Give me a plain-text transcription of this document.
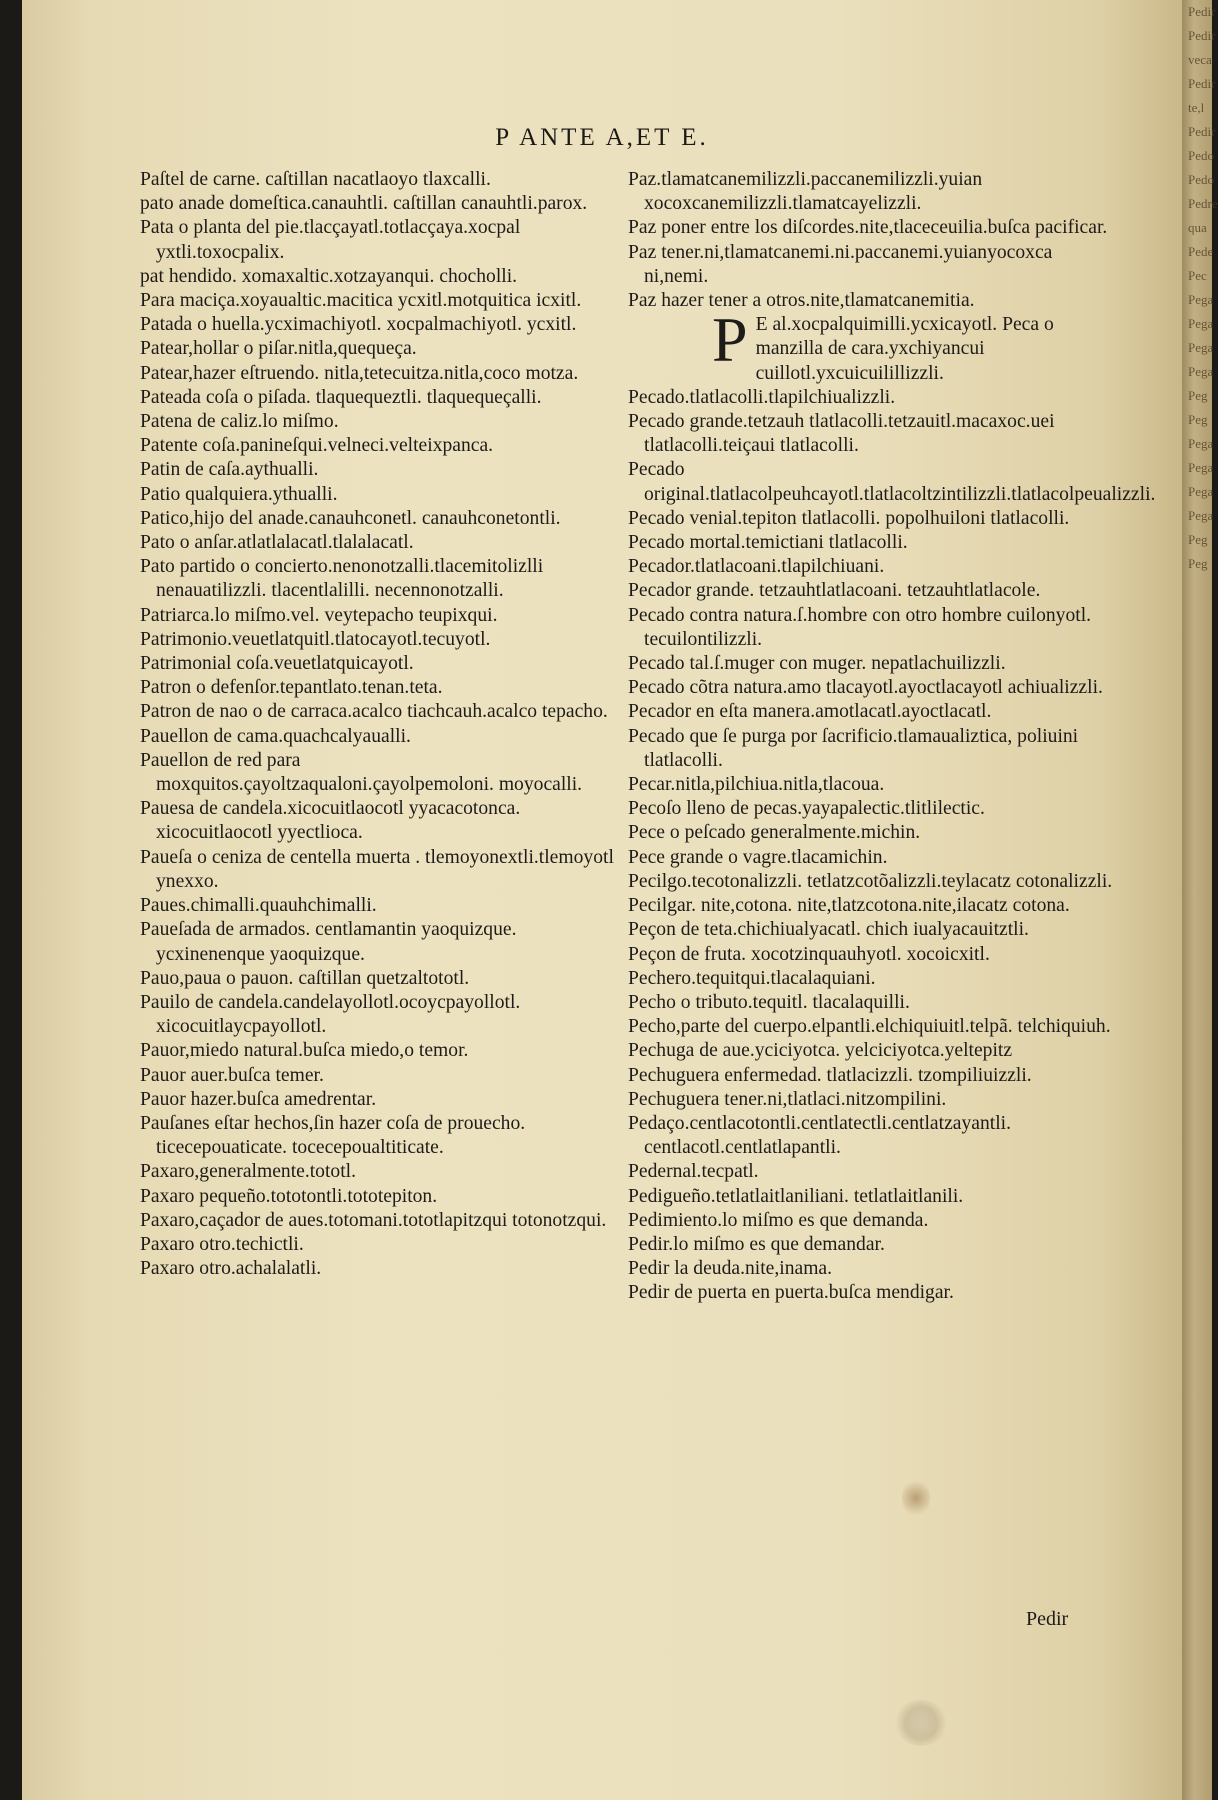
P ANTE A,ET E.

Paſtel de carne. caſtillan nacatlaoyo tlaxcalli.

pato anade domeſtica.canauhtli. caſtillan canauhtli.parox.

Pata o planta del pie.tlacçayatl.totlacçaya.xocpal yxtli.toxocpalix.

pat hendido. xomaxaltic.xotzayanqui. chocholli.

Para maciça.xoyaualtic.macitica ycxitl.motquitica icxitl.

Patada o huella.ycximachiyotl. xocpalmachiyotl. ycxitl.

Patear,hollar o piſar.nitla,quequeça.

Patear,hazer eſtruendo. nitla,tetecuitza.nitla,coco motza.

Pateada coſa o piſada. tlaquequeztli. tlaquequeçalli.

Patena de caliz.lo miſmo.

Patente coſa.panineſqui.velneci.velteixpanca.

Patin de caſa.aythualli.

Patio qualquiera.ythualli.

Patico,hijo del anade.canauhconetl. canauhconetontli.

Pato o anſar.atlatlalacatl.tlalalacatl.

Pato partido o concierto.nenonotzalli.tlacemitolizlli nenauatilizzli. tlacentlalilli. necennonotzalli.

Patriarca.lo miſmo.vel. veytepacho teupixqui.

Patrimonio.veuetlatquitl.tlatocayotl.tecuyotl.

Patrimonial coſa.veuetlatquicayotl.

Patron o defenſor.tepantlato.tenan.teta.

Patron de nao o de carraca.acalco tiachcauh.acalco tepacho.

Pauellon de cama.quachcalyaualli.

Pauellon de red para moxquitos.çayoltzaqualoni.çayolpemoloni. moyocalli.

Pauesa de candela.xicocuitlaocotl yyacacotonca. xicocuitlaocotl yyectlioca.

Paueſa o ceniza de centella muerta . tlemoyonextli.tlemoyotl ynexxo.

Paues.chimalli.quauhchimalli.

Paueſada de armados. centlamantin yaoquizque. ycxinenenque yaoquizque.

Pauo,paua o pauon. caſtillan quetzaltototl.

Pauilo de candela.candelayollotl.ocoycpayollotl. xicocuitlaycpayollotl.

Pauor,miedo natural.buſca miedo,o temor.

Pauor auer.buſca temer.

Pauor hazer.buſca amedrentar.

Pauſanes eſtar hechos,ſin hazer coſa de prouecho. ticecepouaticate. tocecepoualtiticate.

Paxaro,generalmente.tototl.

Paxaro pequeño.tototontli.tototepiton.

Paxaro,caçador de aues.totomani.tototlapitzqui totonotzqui.

Paxaro otro.techictli.

Paxaro otro.achalalatli.

Paz.tlamatcanemilizzli.paccanemilizzli.yuian xocoxcanemilizzli.tlamatcayelizzli.

Paz poner entre los diſcordes.nite,tlaceceuilia.buſca pacificar.

Paz tener.ni,tlamatcanemi.ni.paccanemi.yuianyocoxca ni,nemi.

Paz hazer tener a otros.nite,tlamatcanemitia.

P E al.xocpalquimilli.ycxicayotl. Peca o manzilla de cara.yxchiyancui cuillotl.yxcuicuilillizzli.

Pecado.tlatlacolli.tlapilchiualizzli.

Pecado grande.tetzauh tlatlacolli.tetzauitl.macaxoc.uei tlatlacolli.teiçaui tlatlacolli.

Pecado original.tlatlacolpeuhcayotl.tlatlacoltzintilizzli.tlatlacolpeualizzli.

Pecado venial.tepiton tlatlacolli. popolhuiloni tlatlacolli.

Pecado mortal.temictiani tlatlacolli.

Pecador.tlatlacoani.tlapilchiuani.

Pecador grande. tetzauhtlatlacoani. tetzauhtlatlacole.

Pecado contra natura.ſ.hombre con otro hombre cuilonyotl. tecuilontilizzli.

Pecado tal.ſ.muger con muger. nepatlachuilizzli.

Pecado cõtra natura.amo tlacayotl.ayoctlacayotl achiualizzli.

Pecador en eſta manera.amotlacatl.ayoctlacatl.

Pecado que ſe purga por ſacrificio.tlamaualiztica, poliuini tlatlacolli.

Pecar.nitla,pilchiua.nitla,tlacoua.

Pecoſo lleno de pecas.yayapalectic.tlitlilectic.

Pece o peſcado generalmente.michin.

Pece grande o vagre.tlacamichin.

Pecilgo.tecotonalizzli. tetlatzcotõalizzli.teylacatz cotonalizzli.

Pecilgar. nite,cotona. nite,tlatzcotona.nite,ilacatz cotona.

Peçon de teta.chichiualyacatl. chich iualyacauitztli.

Peçon de fruta. xocotzinquauhyotl. xocoicxitl.

Pechero.tequitqui.tlacalaquiani.

Pecho o tributo.tequitl. tlacalaquilli.

Pecho,parte del cuerpo.elpantli.elchiquiuitl.telpã. telchiquiuh.

Pechuga de aue.yciciyotca. yelciciyotca.yeltepitz

Pechuguera enfermedad. tlatlacizzli. tzompiliuizzli.

Pechuguera tener.ni,tlatlaci.nitzompilini.

Pedaço.centlacotontli.centlatectli.centlatzayantli. centlacotl.centlatlapantli.

Pedernal.tecpatl.

Pedigueño.tetlatlaitlaniliani. tetlatlaitlanili.

Pedimiento.lo miſmo es que demanda.

Pedir.lo miſmo es que demandar.

Pedir la deuda.nite,inama.

Pedir de puerta en puerta.buſca mendigar.

Pedir
Pedir
Pedir
veca
Pedir
te,l
Pedir
Pedo
Pedo
Pedre
qua
Pede
Pec
Pega
Pega
Pega
Pega
Peg
Peg
Pega
Pega
Pega
Pega
Peg
Peg
